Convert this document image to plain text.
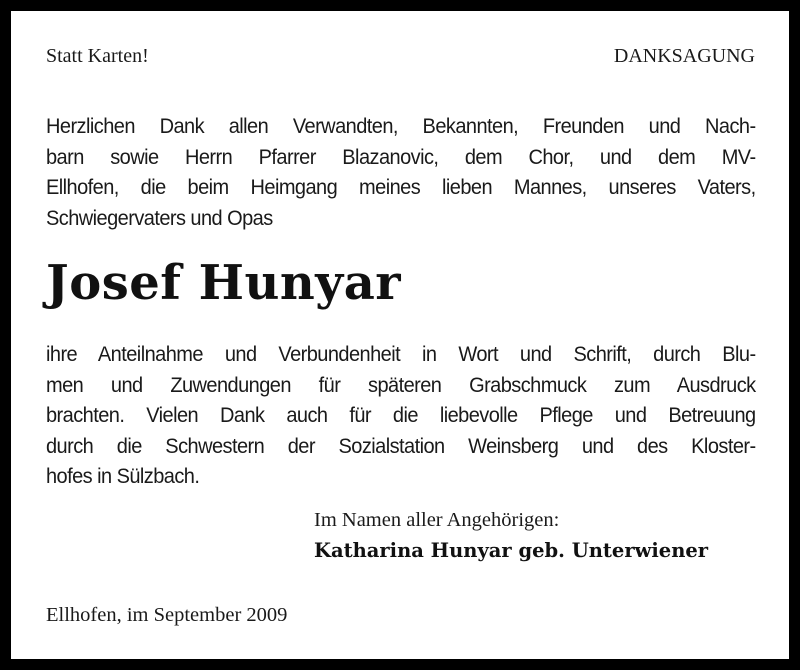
Statt Karten!	DANKSAGUNG
Herzlichen Dank allen Verwandten, Bekannten, Freunden und Nach-
barn sowie Herrn Pfarrer Blazanovic, dem Chor, und dem MV-
Ellhofen, die beim Heimgang meines lieben Mannes, unseres Vaters,
Schwiegervaters und Opas
Josef Hunyar
ihre Anteilnahme und Verbundenheit in Wort und Schrift, durch Blu-
men und Zuwendungen für späteren Grabschmuck zum Ausdruck
brachten. Vielen Dank auch für die liebevolle Pflege und Betreuung
durch die Schwestern der Sozialstation Weinsberg und des Kloster-
hofes in Sülzbach.
Im Namen aller Angehörigen:
Katharina Hunyar geb. Unterwiener
Ellhofen, im September 2009
